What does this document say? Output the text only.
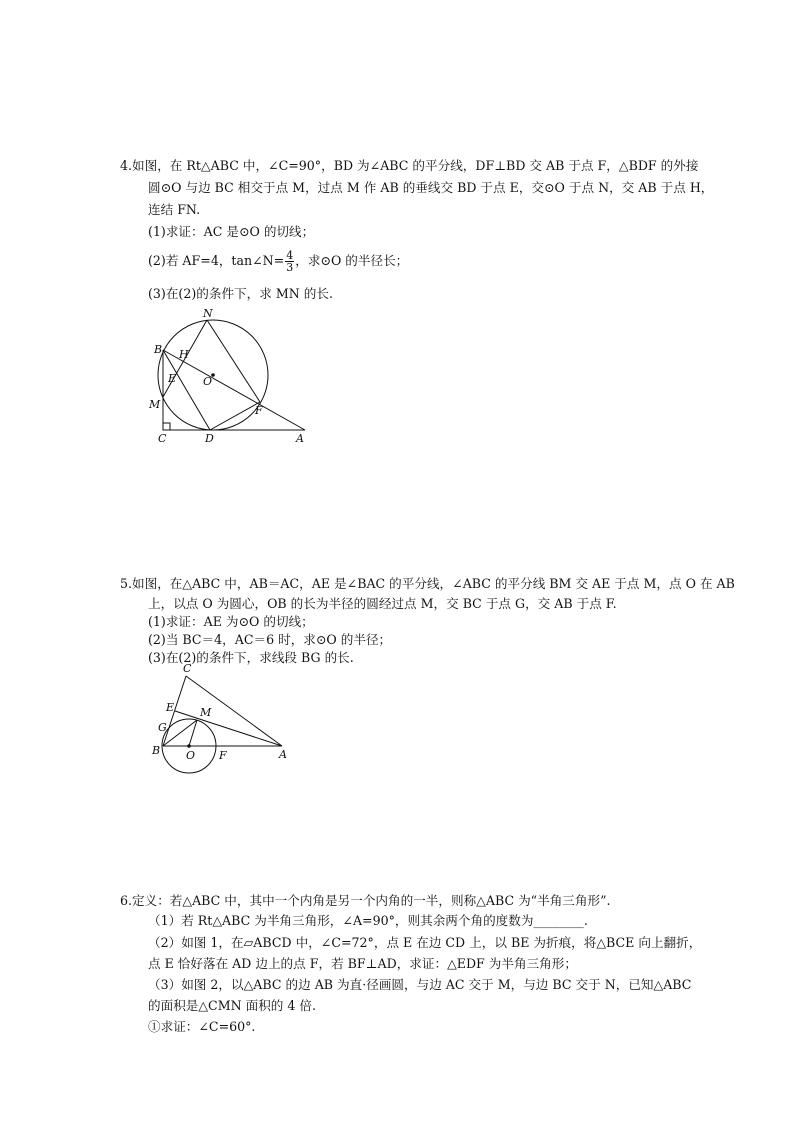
4.如图，在 Rt△ABC 中，∠C=90°，BD 为∠ABC 的平分线，DF⊥BD 交 AB 于点 F，△BDF 的外接
圆⊙O 与边 BC 相交于点 M，过点 M 作 AB 的垂线交 BD 于点 E，交⊙O 于点 N，交 AB 于点 H，
连结 FN.
(1)求证：AC 是⊙O 的切线；
(2)若 AF=4，tan∠N= $\frac{4}{3}$ ，求⊙O 的半径长；
(3)在(2)的条件下，求 MN 的长.
N
B H
E O
M	F
C	D	A
5.如图，在△ABC 中，AB＝AC，AE 是∠BAC 的平分线，∠ABC 的平分线 BM 交 AE 于点 M，点 O 在 AB
上，以点 O 为圆心，OB 的长为半径的圆经过点 M，交 BC 于点 G，交 AB 于点 F.
(1)求证：AE 为⊙O 的切线；
(2)当 BC＝4，AC＝6 时，求⊙O 的半径；
(3)在(2)的条件下，求线段 BG 的长.
C
E M
G
B O F	A
6.定义：若△ABC 中，其中一个内角是另一个内角的一半，则称△ABC 为“半角三角形”.
（1）若 Rt△ABC 为半角三角形，∠A=90°，则其余两个角的度数为________.
（2）如图 1，在▱ABCD 中，∠C=72°，点 E 在边 CD 上，以 BE 为折痕，将△BCE 向上翻折，
点 E 恰好落在 AD 边上的点 F，若 BF⊥AD，求证：△EDF 为半角三角形；
（3）如图 2，以△ABC 的边 AB 为直·径画圆，与边 AC 交于 M，与边 BC 交于 N，已知△ABC
的面积是△CMN 面积的 4 倍.
①求证：∠C=60°.
